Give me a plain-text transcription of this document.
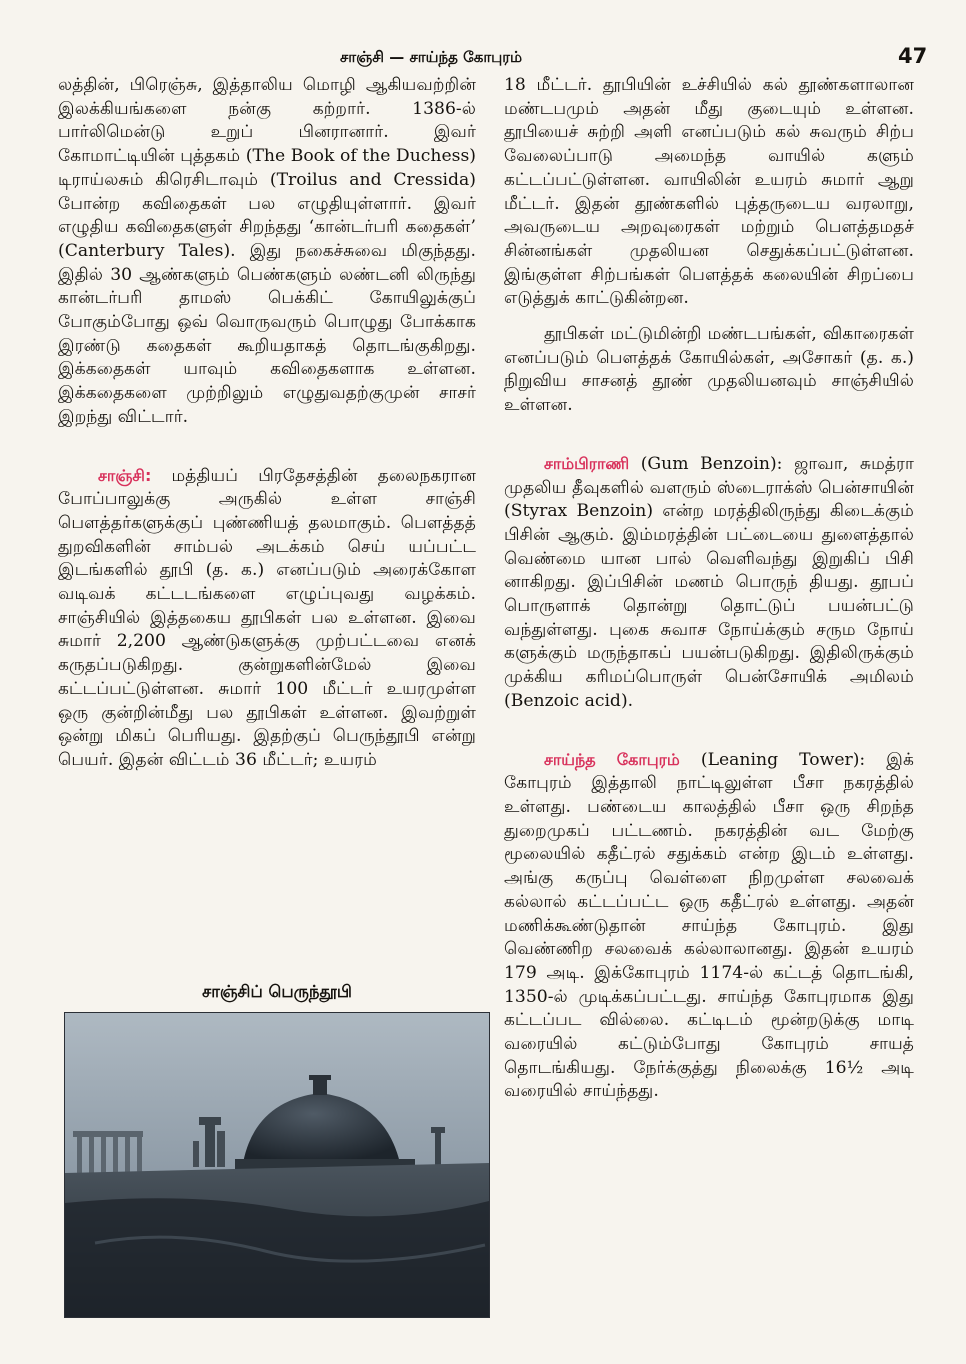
சாஞ்சி — சாய்ந்த கோபுரம்	47

லத்தின், பிரெஞ்சு, இத்தாலிய மொழி ஆகியவற்றின் இலக்கியங்களை நன்கு கற்றார். 1386-ல் பார்லிமென்டு உறுப் பினரானார். இவர் கோமாட்டியின் புத்தகம் (The Book of the Duchess) டிராய்லசும் கிரெசிடாவும் (Troilus and Cressida) போன்ற கவிதைகள் பல எழுதியுள்ளார். இவர் எழுதிய கவிதைகளுள் சிறந்தது ‘கான்டர்பரி கதைகள்’ (Canterbury Tales). இது நகைச்சுவை மிகுந்தது. இதில் 30 ஆண்களும் பெண்களும் லண்டனி லிருந்து கான்டர்பரி தாமஸ் பெக்கிட் கோயிலுக்குப் போகும்போது ஒவ் வொருவரும் பொழுது போக்காக இரண்டு கதைகள் கூறியதாகத் தொடங்குகிறது. இக்கதைகள் யாவும் கவிதைகளாக உள்ளன. இக்கதைகளை முற்றிலும் எழுதுவதற்குமுன் சாசர் இறந்து விட்டார்.

சாஞ்சி: மத்தியப் பிரதேசத்தின் தலைநகரான போப்பாலுக்கு அருகில் உள்ள சாஞ்சி பௌத்தர்களுக்குப் புண்ணியத் தலமாகும். பௌத்தத் துறவிகளின் சாம்பல் அடக்கம் செய் யப்பட்ட இடங்களில் தூபி (த. க.) எனப்படும் அரைக்கோள வடிவக் கட்டடங்களை எழுப்புவது வழக்கம். சாஞ்சியில் இத்தகைய தூபிகள் பல உள்ளன. இவை சுமார் 2,200 ஆண்டுகளுக்கு முற்பட்டவை எனக் கருதப்படுகிறது. குன்றுகளின்மேல் இவை கட்டப்பட்டுள்ளன. சுமார் 100 மீட்டர் உயரமுள்ள ஒரு குன்றின்மீது பல தூபிகள் உள்ளன. இவற்றுள் ஒன்று மிகப் பெரியது. இதற்குப் பெருந்தூபி என்று பெயர். இதன் விட்டம் 36 மீட்டர்; உயரம்

சாஞ்சிப் பெருந்தூபி

18 மீட்டர். தூபியின் உச்சியில் கல் தூண்களாலான மண்டபமும் அதன் மீது குடையும் உள்ளன. தூபியைச் சுற்றி அளி எனப்படும் கல் சுவரும் சிற்ப வேலைப்பாடு அமைந்த வாயில் களும் கட்டப்பட்டுள்ளன. வாயிலின் உயரம் சுமார் ஆறு மீட்டர். இதன் தூண்களில் புத்தருடைய வரலாறு, அவருடைய அறவுரைகள் மற்றும் பௌத்தமதச் சின்னங்கள் முதலியன செதுக்கப்பட்டுள்ளன. இங்குள்ள சிற்பங்கள் பௌத்தக் கலையின் சிறப்பை எடுத்துக் காட்டுகின்றன.

தூபிகள் மட்டுமின்றி மண்டபங்கள், விகாரைகள் எனப்படும் பௌத்தக் கோயில்கள், அசோகர் (த. க.) நிறுவிய சாசனத் தூண் முதலியனவும் சாஞ்சியில் உள்ளன.

சாம்பிராணி (Gum Benzoin): ஜாவா, சுமத்ரா முதலிய தீவுகளில் வளரும் ஸ்டைராக்ஸ் பென்சாயின் (Styrax Benzoin) என்ற மரத்திலிருந்து கிடைக்கும் பிசின் ஆகும். இம்மரத்தின் பட்டையை துளைத்தால் வெண்மை யான பால் வெளிவந்து இறுகிப் பிசி னாகிறது. இப்பிசின் மணம் பொருந் தியது. தூபப் பொருளாக் தொன்று தொட்டுப் பயன்பட்டு வந்துள்ளது. புகை சுவாச நோய்க்கும் சரும நோய் களுக்கும் மருந்தாகப் பயன்படுகிறது. இதிலிருக்கும் முக்கிய கரிமப்பொருள் பென்சோயிக் அமிலம் (Benzoic acid).

சாய்ந்த கோபுரம் (Leaning Tower): இக் கோபுரம் இத்தாலி நாட்டிலுள்ள பீசா நகரத்தில் உள்ளது. பண்டைய காலத்தில் பீசா ஒரு சிறந்த துறைமுகப் பட்டணம். நகரத்தின் வட மேற்கு மூலையில் கதீட்ரல் சதுக்கம் என்ற இடம் உள்ளது. அங்கு கருப்பு வெள்ளை நிறமுள்ள சலவைக் கல்லால் கட்டப்பட்ட ஒரு கதீட்ரல் உள்ளது. அதன் மணிக்கூண்டுதான் சாய்ந்த கோபுரம். இது வெண்ணிற சலவைக் கல்லாலானது. இதன் உயரம் 179 அடி. இக்கோபுரம் 1174-ல் கட்டத் தொடங்கி, 1350-ல் முடிக்கப்பட்டது. சாய்ந்த கோபுரமாக இது கட்டப்பட வில்லை. கட்டிடம் மூன்றடுக்கு மாடி வரையில் கட்டும்போது கோபுரம் சாயத் தொடங்கியது. நேர்க்குத்து நிலைக்கு 16½ அடி வரையில் சாய்ந்தது.
